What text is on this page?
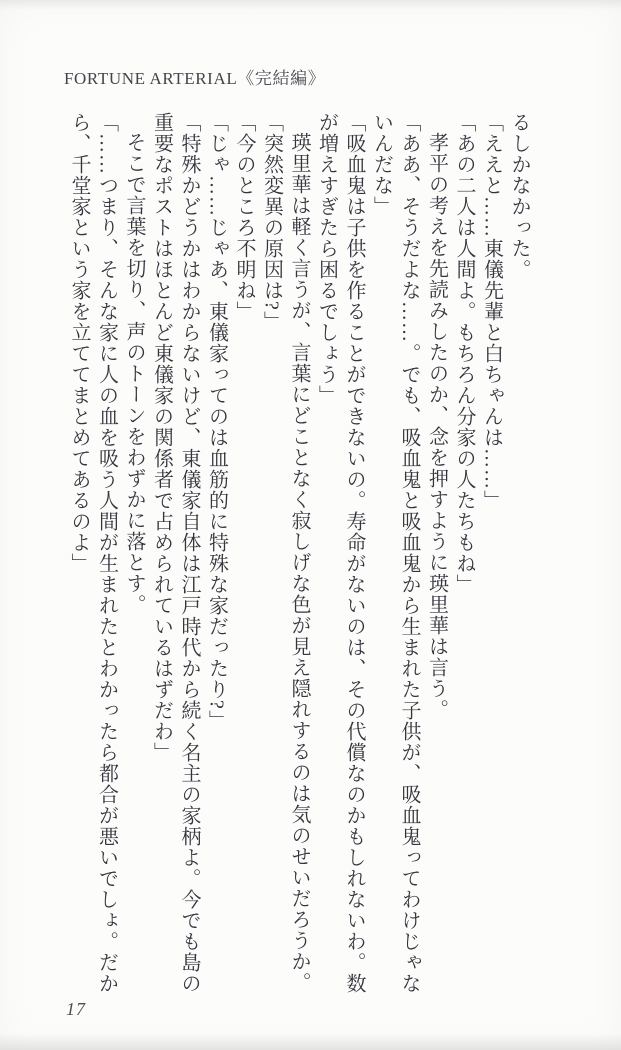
FORTUNE ARTERIAL《完結編》

るしかなかった。

「ええと……東儀先輩と白ちゃんは……」

「あの二人は人間よ。もちろん分家の人たちもね」

孝平の考えを先読みしたのか、念を押すように瑛里華は言う。

「ああ、そうだよな……。でも、吸血鬼と吸血鬼から生まれた子供が、吸血鬼ってわけじゃな

いんだな」

「吸血鬼は子供を作ることができないの。寿命がないのは、その代償なのかもしれないわ。数

が増えすぎたら困るでしょう」

瑛里華は軽く言うが、言葉にどことなく寂しげな色が見え隠れするのは気のせいだろうか。

「突然変異の原因は?」

「今のところ不明ね」

「じゃ……じゃあ、東儀家ってのは血筋的に特殊な家だったり?」

「特殊かどうかはわからないけど、東儀家自体は江戸時代から続く名主の家柄よ。今でも島の

重要なポストはほとんど東儀家の関係者で占められているはずだわ」

そこで言葉を切り、声のトーンをわずかに落とす。

「……つまり、そんな家に人の血を吸う人間が生まれたとわかったら都合が悪いでしょ。だか

ら、千堂家という家を立ててまとめてあるのよ」

17
